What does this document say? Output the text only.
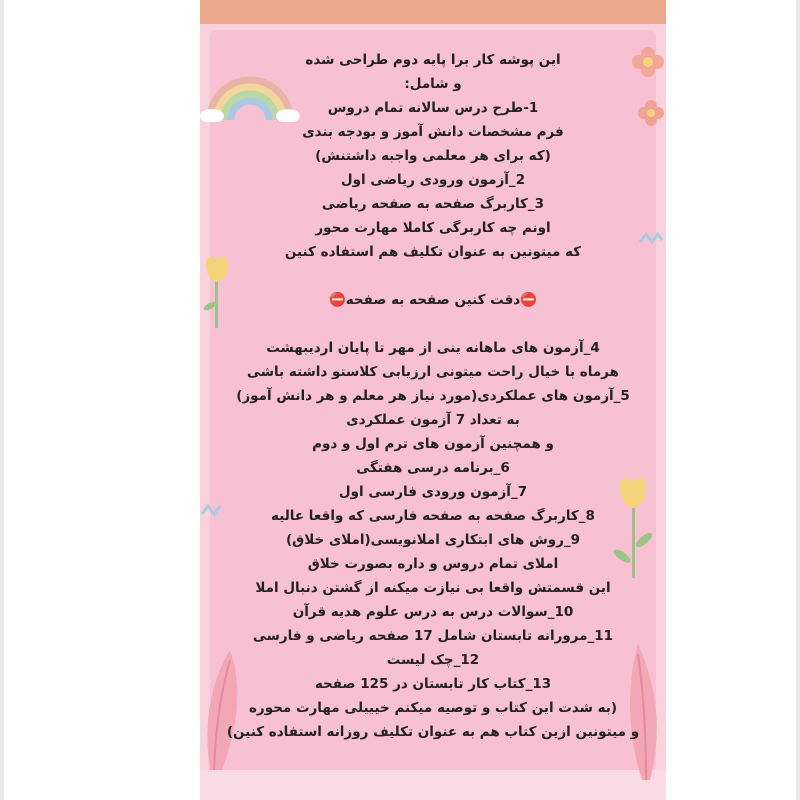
این پوشه کار برا پایه دوم طراحی شده
و شامل:
1-طرح درس سالانه تمام دروس
فرم مشخصات دانش آموز و بودجه بندی
(که برای هر معلمی واجبه داشتنش)
2_آزمون ورودی ریاضی اول
3_کاربرگ صفحه به صفحه ریاضی
اونم چه کاربرگی کاملا مهارت محور
که میتونین به عنوان تکلیف هم استفاده کنین
⛔دقت کنین صفحه به صفحه⛔
4_آزمون های ماهانه ینی از مهر تا پایان اردیبهشت
هرماه با خیال راحت میتونی ارزیابی کلاستو داشته باشی
5_آزمون های عملکردی(مورد نیاز هر معلم و هر دانش آموز)
به تعداد 7 آزمون عملکردی
و همچنین آزمون های ترم اول و دوم
6_برنامه درسی هفتگی
7_آزمون ورودی فارسی اول
8_کاربرگ صفحه به صفحه فارسی که واقعا عالیه
9_روش های ابتکاری املانویسی(املای خلاق)
املای تمام دروس و داره بصورت خلاق
این قسمتش واقعا بی نیازت میکنه از گشتن دنبال املا
10_سوالات درس به درس علوم هدیه قرآن
11_مرورانه تابستان شامل 17 صفحه ریاضی و فارسی
12_چک لیست
13_کتاب کار تابستان در 125 صفحه
(به شدت این کتاب و توصیه میکنم خیییلی مهارت محوره
و میتونین ازین کتاب هم به عنوان تکلیف روزانه استفاده کنین)
